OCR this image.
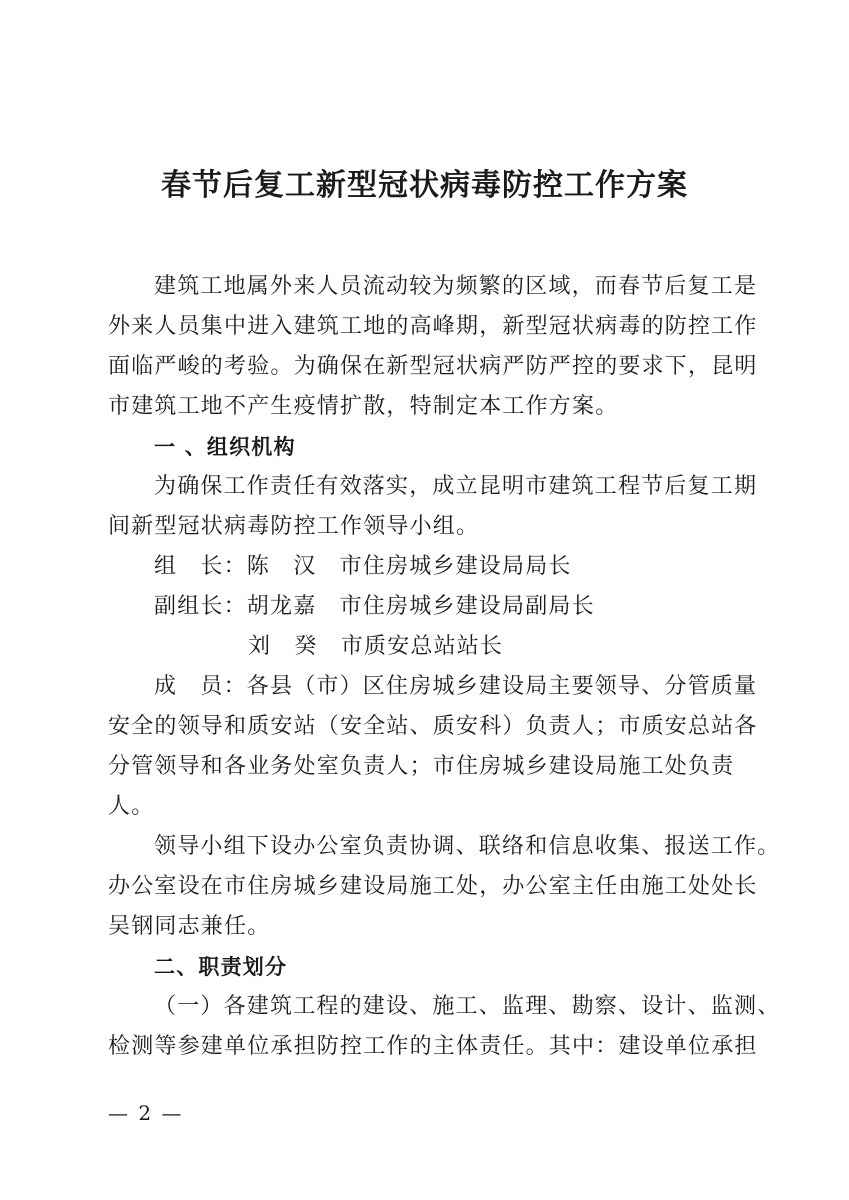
春节后复工新型冠状病毒防控工作方案

建筑工地属外来人员流动较为频繁的区域，而春节后复工是

外来人员集中进入建筑工地的高峰期，新型冠状病毒的防控工作

面临严峻的考验。为确保在新型冠状病严防严控的要求下，昆明

市建筑工地不产生疫情扩散，特制定本工作方案。

一 、组织机构

为确保工作责任有效落实，成立昆明市建筑工程节后复工期

间新型冠状病毒防控工作领导小组。

组　长：陈　汉　市住房城乡建设局局长

副组长：胡龙嘉　市住房城乡建设局副局长

刘　癸　市质安总站站长

成　员：各县（市）区住房城乡建设局主要领导、分管质量

安全的领导和质安站（安全站、质安科）负责人；市质安总站各

分管领导和各业务处室负责人；市住房城乡建设局施工处负责

人。

领导小组下设办公室负责协调、联络和信息收集、报送工作。

办公室设在市住房城乡建设局施工处，办公室主任由施工处处长

吴钢同志兼任。

二、职责划分

（一）各建筑工程的建设、施工、监理、勘察、设计、监测、

检测等参建单位承担防控工作的主体责任。其中：建设单位承担

— 2 —
